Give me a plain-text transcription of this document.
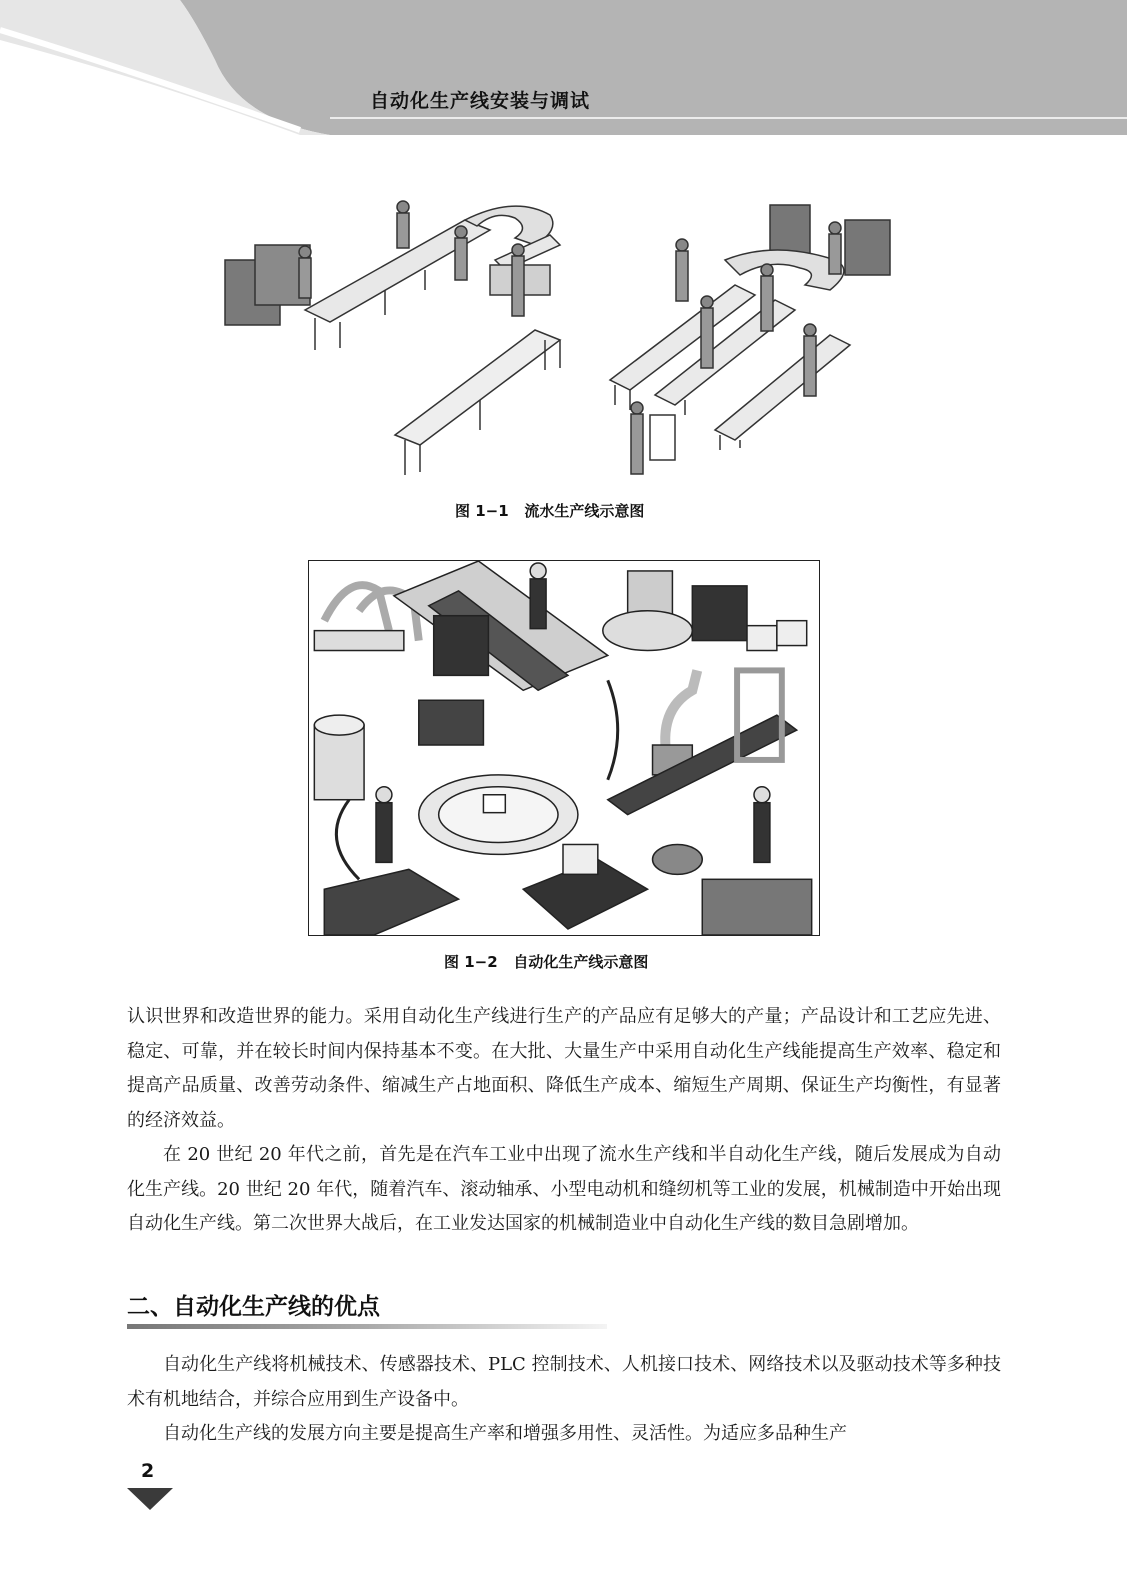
自动化生产线安装与调试
图 1−1   流水生产线示意图
图 1−2   自动化生产线示意图

认识世界和改造世界的能力。采用自动化生产线进行生产的产品应有足够大的产量；产品设计和工艺应先进、稳定、可靠，并在较长时间内保持基本不变。在大批、大量生产中采用自动化生产线能提高生产效率、稳定和提高产品质量、改善劳动条件、缩减生产占地面积、降低生产成本、缩短生产周期、保证生产均衡性，有显著的经济效益。

在 20 世纪 20 年代之前，首先是在汽车工业中出现了流水生产线和半自动化生产线，随后发展成为自动化生产线。20 世纪 20 年代，随着汽车、滚动轴承、小型电动机和缝纫机等工业的发展，机械制造中开始出现自动化生产线。第二次世界大战后，在工业发达国家的机械制造业中自动化生产线的数目急剧增加。

二、自动化生产线的优点

自动化生产线将机械技术、传感器技术、PLC 控制技术、人机接口技术、网络技术以及驱动技术等多种技术有机地结合，并综合应用到生产设备中。

自动化生产线的发展方向主要是提高生产率和增强多用性、灵活性。为适应多品种生产

2
